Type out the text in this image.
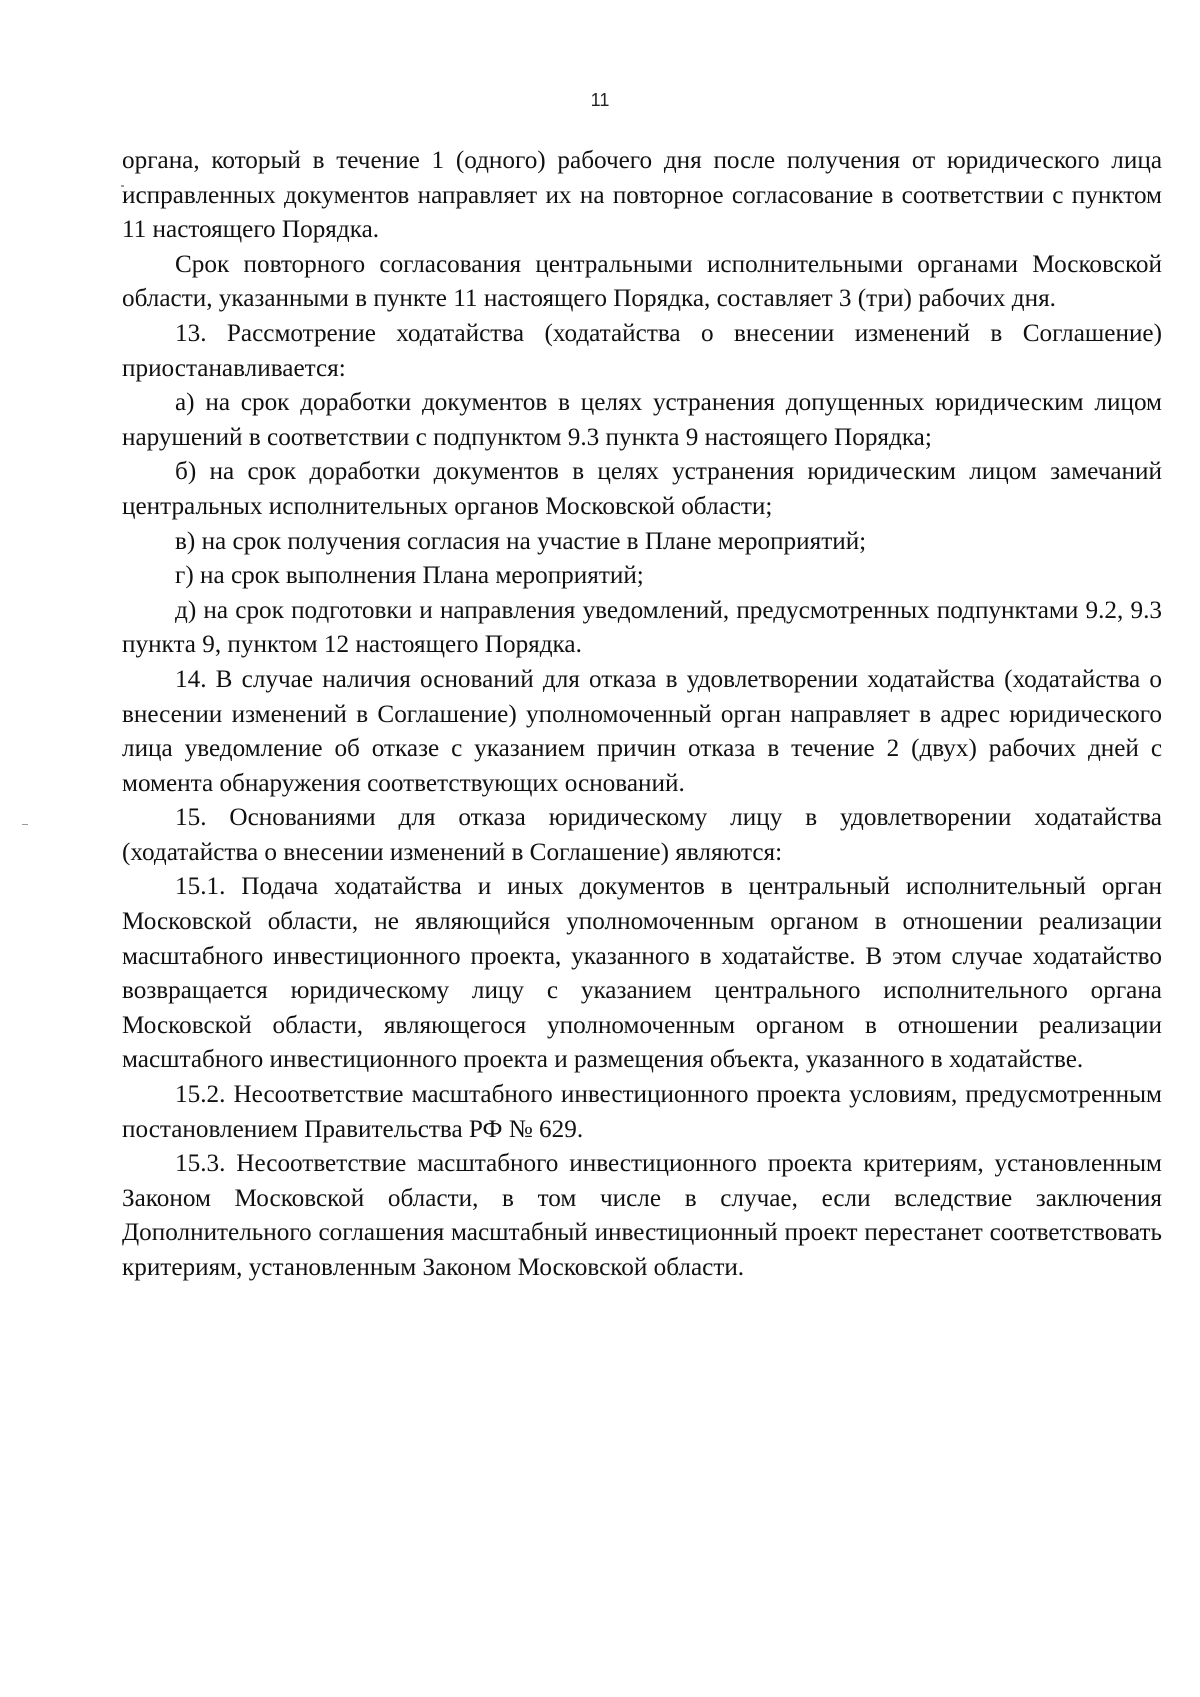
11

органа, который в течение 1 (одного) рабочего дня после получения от юридического лица исправленных документов направляет их на повторное согласование в соответствии с пунктом 11 настоящего Порядка.

Срок повторного согласования центральными исполнительными органами Московской области, указанными в пункте 11 настоящего Порядка, составляет 3 (три) рабочих дня.

13. Рассмотрение ходатайства (ходатайства о внесении изменений в Соглашение) приостанавливается:

а) на срок доработки документов в целях устранения допущенных юридическим лицом нарушений в соответствии с подпунктом 9.3 пункта 9 настоящего Порядка;

б) на срок доработки документов в целях устранения юридическим лицом замечаний центральных исполнительных органов Московской области;

в) на срок получения согласия на участие в Плане мероприятий;

г) на срок выполнения Плана мероприятий;

д) на срок подготовки и направления уведомлений, предусмотренных подпунктами 9.2, 9.3 пункта 9, пунктом 12 настоящего Порядка.

14. В случае наличия оснований для отказа в удовлетворении ходатайства (ходатайства о внесении изменений в Соглашение) уполномоченный орган направляет в адрес юридического лица уведомление об отказе с указанием причин отказа в течение 2 (двух) рабочих дней с момента обнаружения соответствующих оснований.

15. Основаниями для отказа юридическому лицу в удовлетворении ходатайства (ходатайства о внесении изменений в Соглашение) являются:

15.1. Подача ходатайства и иных документов в центральный исполнительный орган Московской области, не являющийся уполномоченным органом в отношении реализации масштабного инвестиционного проекта, указанного в ходатайстве. В этом случае ходатайство возвращается юридическому лицу с указанием центрального исполнительного органа Московской области, являющегося уполномоченным органом в отношении реализации масштабного инвестиционного проекта и размещения объекта, указанного в ходатайстве.

15.2. Несоответствие масштабного инвестиционного проекта условиям, предусмотренным постановлением Правительства РФ № 629.

15.3. Несоответствие масштабного инвестиционного проекта критериям, установленным Законом Московской области, в том числе в случае, если вследствие заключения Дополнительного соглашения масштабный инвестиционный проект перестанет соответствовать критериям, установленным Законом Московской области.
